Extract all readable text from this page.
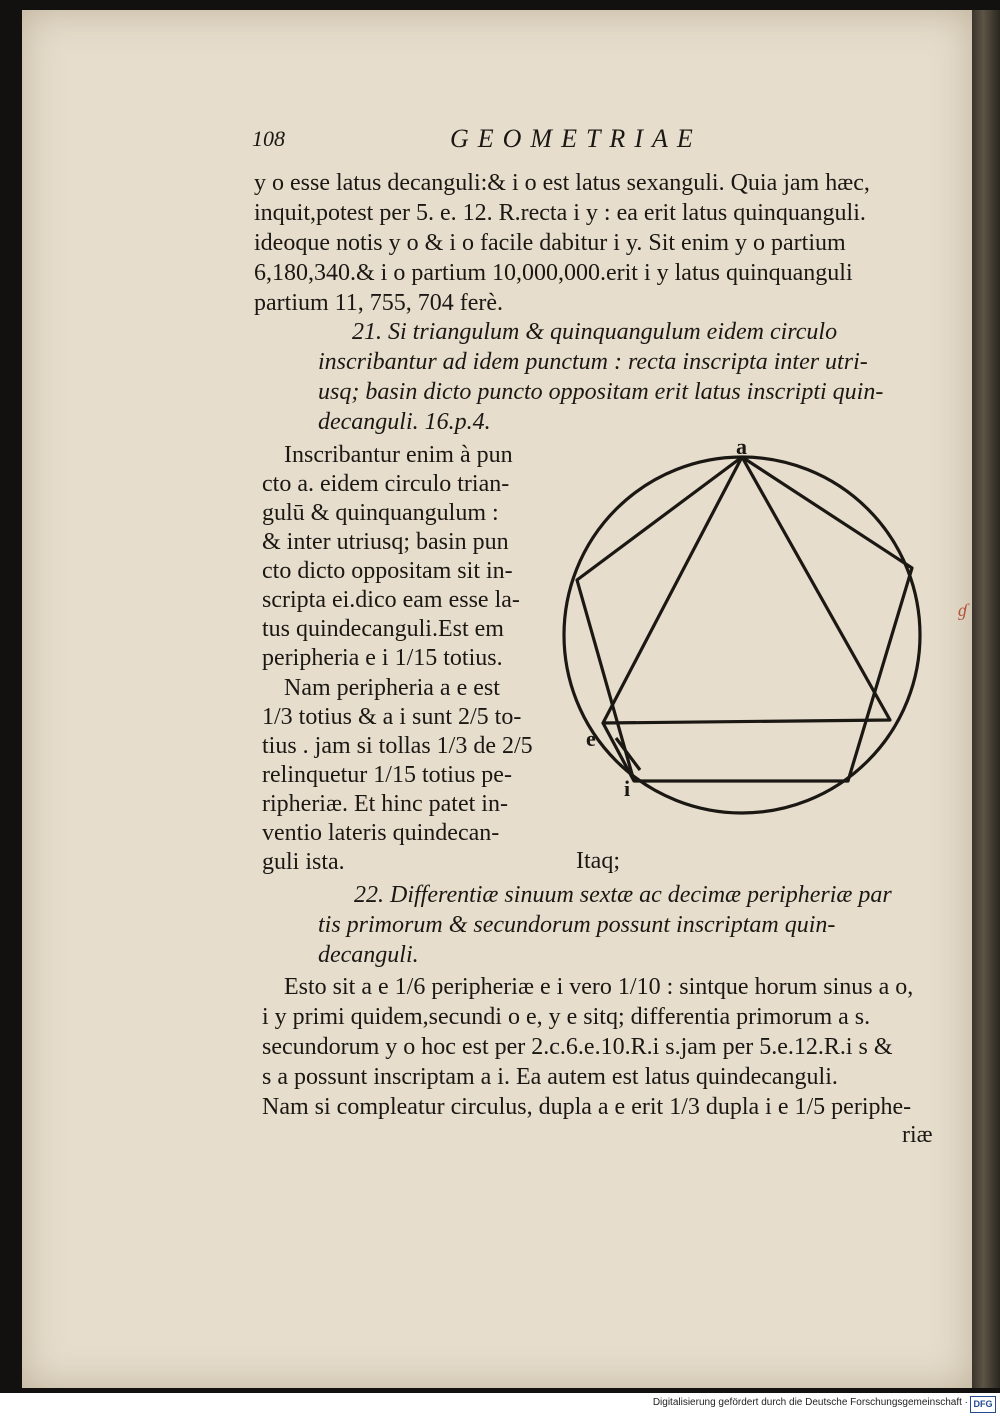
ɠ
108	GEOMETRIAE
y o esse latus decanguli:& i o est latus sexanguli. Quia jam hæc,
inquit,potest per 5. e. 12. R.recta i y : ea erit latus quinquanguli.
ideoque notis y o & i o facile dabitur i y. Sit enim y o partium
6,180,340.& i o partium 10,000,000.erit i y latus quinquanguli
partium 11, 755, 704 ferè.
21. Si triangulum & quinquangulum eidem circulo
inscribantur ad idem punctum : recta inscripta inter utri-
usq; basin dicto puncto oppositam erit latus inscripti quin-
decanguli. 16.p.4.
Inscribantur enim à pun
cto a. eidem circulo trian-
gulū & quinquangulum :
& inter utriusq; basin pun
cto dicto oppositam sit in-
scripta ei.dico eam esse la-
tus quindecanguli.Est em
peripheria e i 1/15 totius.
Nam peripheria a e est
1/3 totius & a i sunt 2/5 to-
tius . jam si tollas 1/3 de 2/5
relinquetur 1/15 totius pe-
ripheriæ. Et hinc patet in-
ventio lateris quindecan-
guli ista.
a
e
i
Itaq;
22. Differentiæ sinuum sextæ ac decimæ peripheriæ par
tis primorum & secundorum possunt inscriptam quin-
decanguli.
Esto sit a e 1/6 peripheriæ e i vero 1/10 : sintque horum sinus a o,
i y primi quidem,secundi o e, y e sitq; differentia primorum a s.
secundorum y o hoc est per 2.c.6.e.10.R.i s.jam per 5.e.12.R.i s &
s a possunt inscriptam a i. Ea autem est latus quindecanguli.
Nam si compleatur circulus, dupla a e erit 1/3 dupla i e 1/5 periphe-
riæ
Digitalisierung gefördert durch die Deutsche Forschungsgemeinschaft · DFG
